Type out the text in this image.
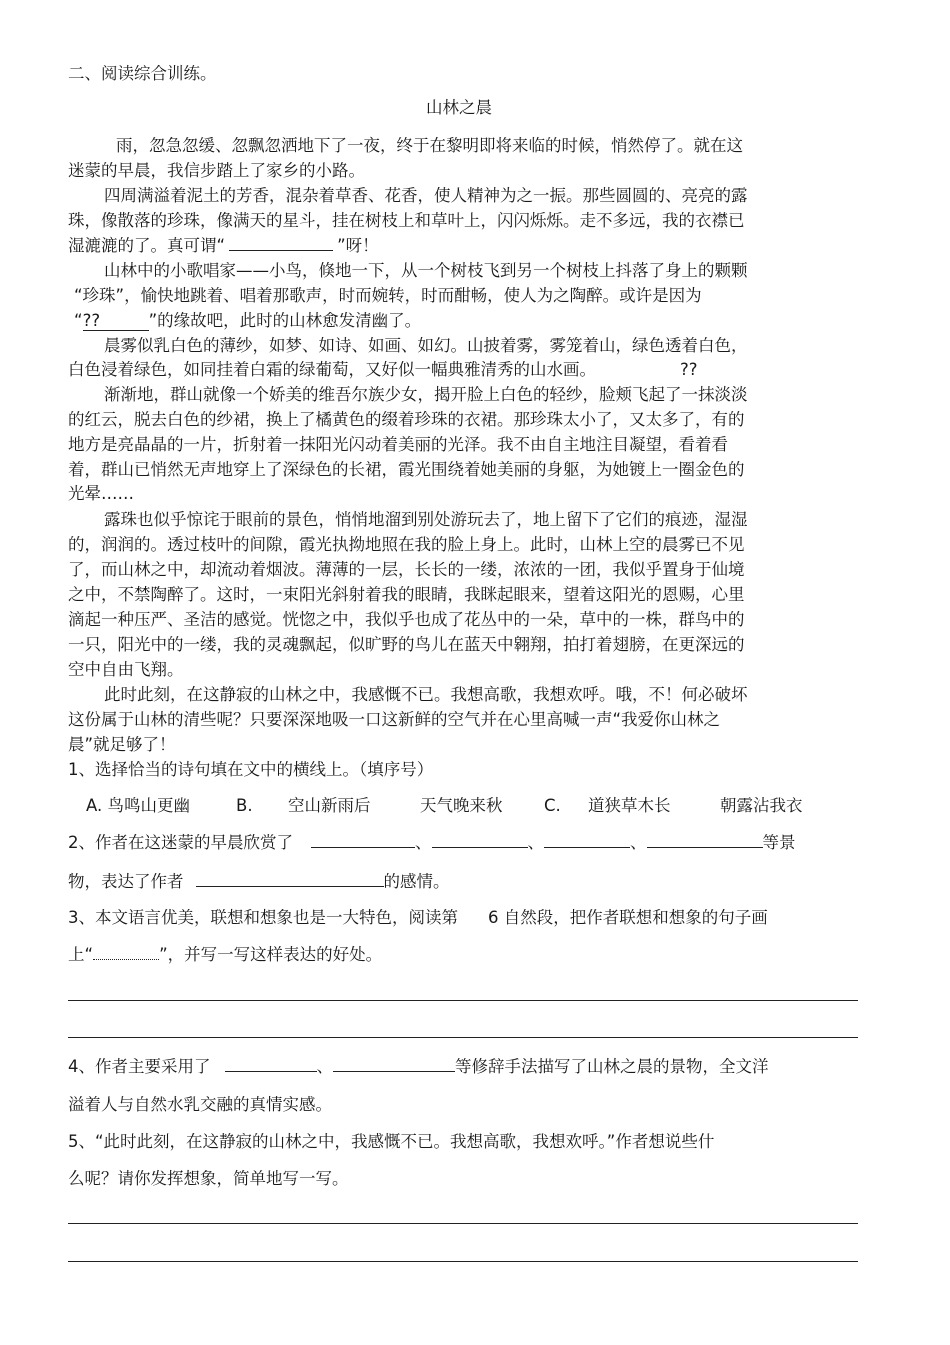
二、阅读综合训练。
山林之晨
雨，忽急忽缓、忽飘忽洒地下了一夜，终于在黎明即将来临的时候，悄然停了。就在这
迷蒙的早晨，我信步踏上了家乡的小路。
四周满溢着泥土的芳香，混杂着草香、花香，使人精神为之一振。那些圆圆的、亮亮的露
珠，像散落的珍珠，像满天的星斗，挂在树枝上和草叶上，闪闪烁烁。走不多远，我的衣襟已
湿漉漉的了。真可谓“	”呀！
山林中的小歌唱家——小鸟，倏地一下，从一个树枝飞到另一个树枝上抖落了身上的颗颗
“珍珠”，愉快地跳着、唱着那歌声，时而婉转，时而酣畅，使人为之陶醉。或许是因为
“??	”的缘故吧，此时的山林愈发清幽了。
晨雾似乳白色的薄纱，如梦、如诗、如画、如幻。山披着雾，雾笼着山，绿色透着白色，
白色浸着绿色，如同挂着白霜的绿葡萄，又好似一幅典雅清秀的山水画。	??
渐渐地，群山就像一个娇美的维吾尔族少女，揭开脸上白色的轻纱，脸颊飞起了一抹淡淡
的红云，脱去白色的纱裙，换上了橘黄色的缀着珍珠的衣裙。那珍珠太小了，又太多了，有的
地方是亮晶晶的一片，折射着一抹阳光闪动着美丽的光泽。我不由自主地注目凝望，看着看
着，群山已悄然无声地穿上了深绿色的长裙，霞光围绕着她美丽的身躯，为她镀上一圈金色的
光晕……
露珠也似乎惊诧于眼前的景色，悄悄地溜到别处游玩去了，地上留下了它们的痕迹，湿湿
的，润润的。透过枝叶的间隙，霞光执拗地照在我的脸上身上。此时，山林上空的晨雾已不见
了，而山林之中，却流动着烟波。薄薄的一层，长长的一缕，浓浓的一团，我似乎置身于仙境
之中，不禁陶醉了。这时，一束阳光斜射着我的眼睛，我眯起眼来，望着这阳光的恩赐，心里
滴起一种压严、圣洁的感觉。恍惚之中，我似乎也成了花丛中的一朵，草中的一株，群鸟中的
一只，阳光中的一缕，我的灵魂飘起，似旷野的鸟儿在蓝天中翱翔，拍打着翅膀，在更深远的
空中自由飞翔。
此时此刻，在这静寂的山林之中，我感慨不已。我想高歌，我想欢呼。哦，不！何必破坏
这份属于山林的清些呢？只要深深地吸一口这新鲜的空气并在心里高喊一声“我爱你山林之
晨”就足够了！
1、选择恰当的诗句填在文中的横线上。（填序号）
A. 鸟鸣山更幽	B. 空山新雨后	天气晚来秋	C. 道狭草木长	朝露沾我衣
2、作者在这迷蒙的早晨欣赏了	、	、	、	等景
物，表达了作者	的感情。
3、本文语言优美，联想和想象也是一大特色，阅读第 6 自然段，把作者联想和想象的句子画
上“	”，并写一写这样表达的好处。
4、作者主要采用了	、	等修辞手法描写了山林之晨的景物，全文洋
溢着人与自然水乳交融的真情实感。
5、“此时此刻，在这静寂的山林之中，我感慨不已。我想高歌，我想欢呼。”作者想说些什
么呢？请你发挥想象，简单地写一写。
